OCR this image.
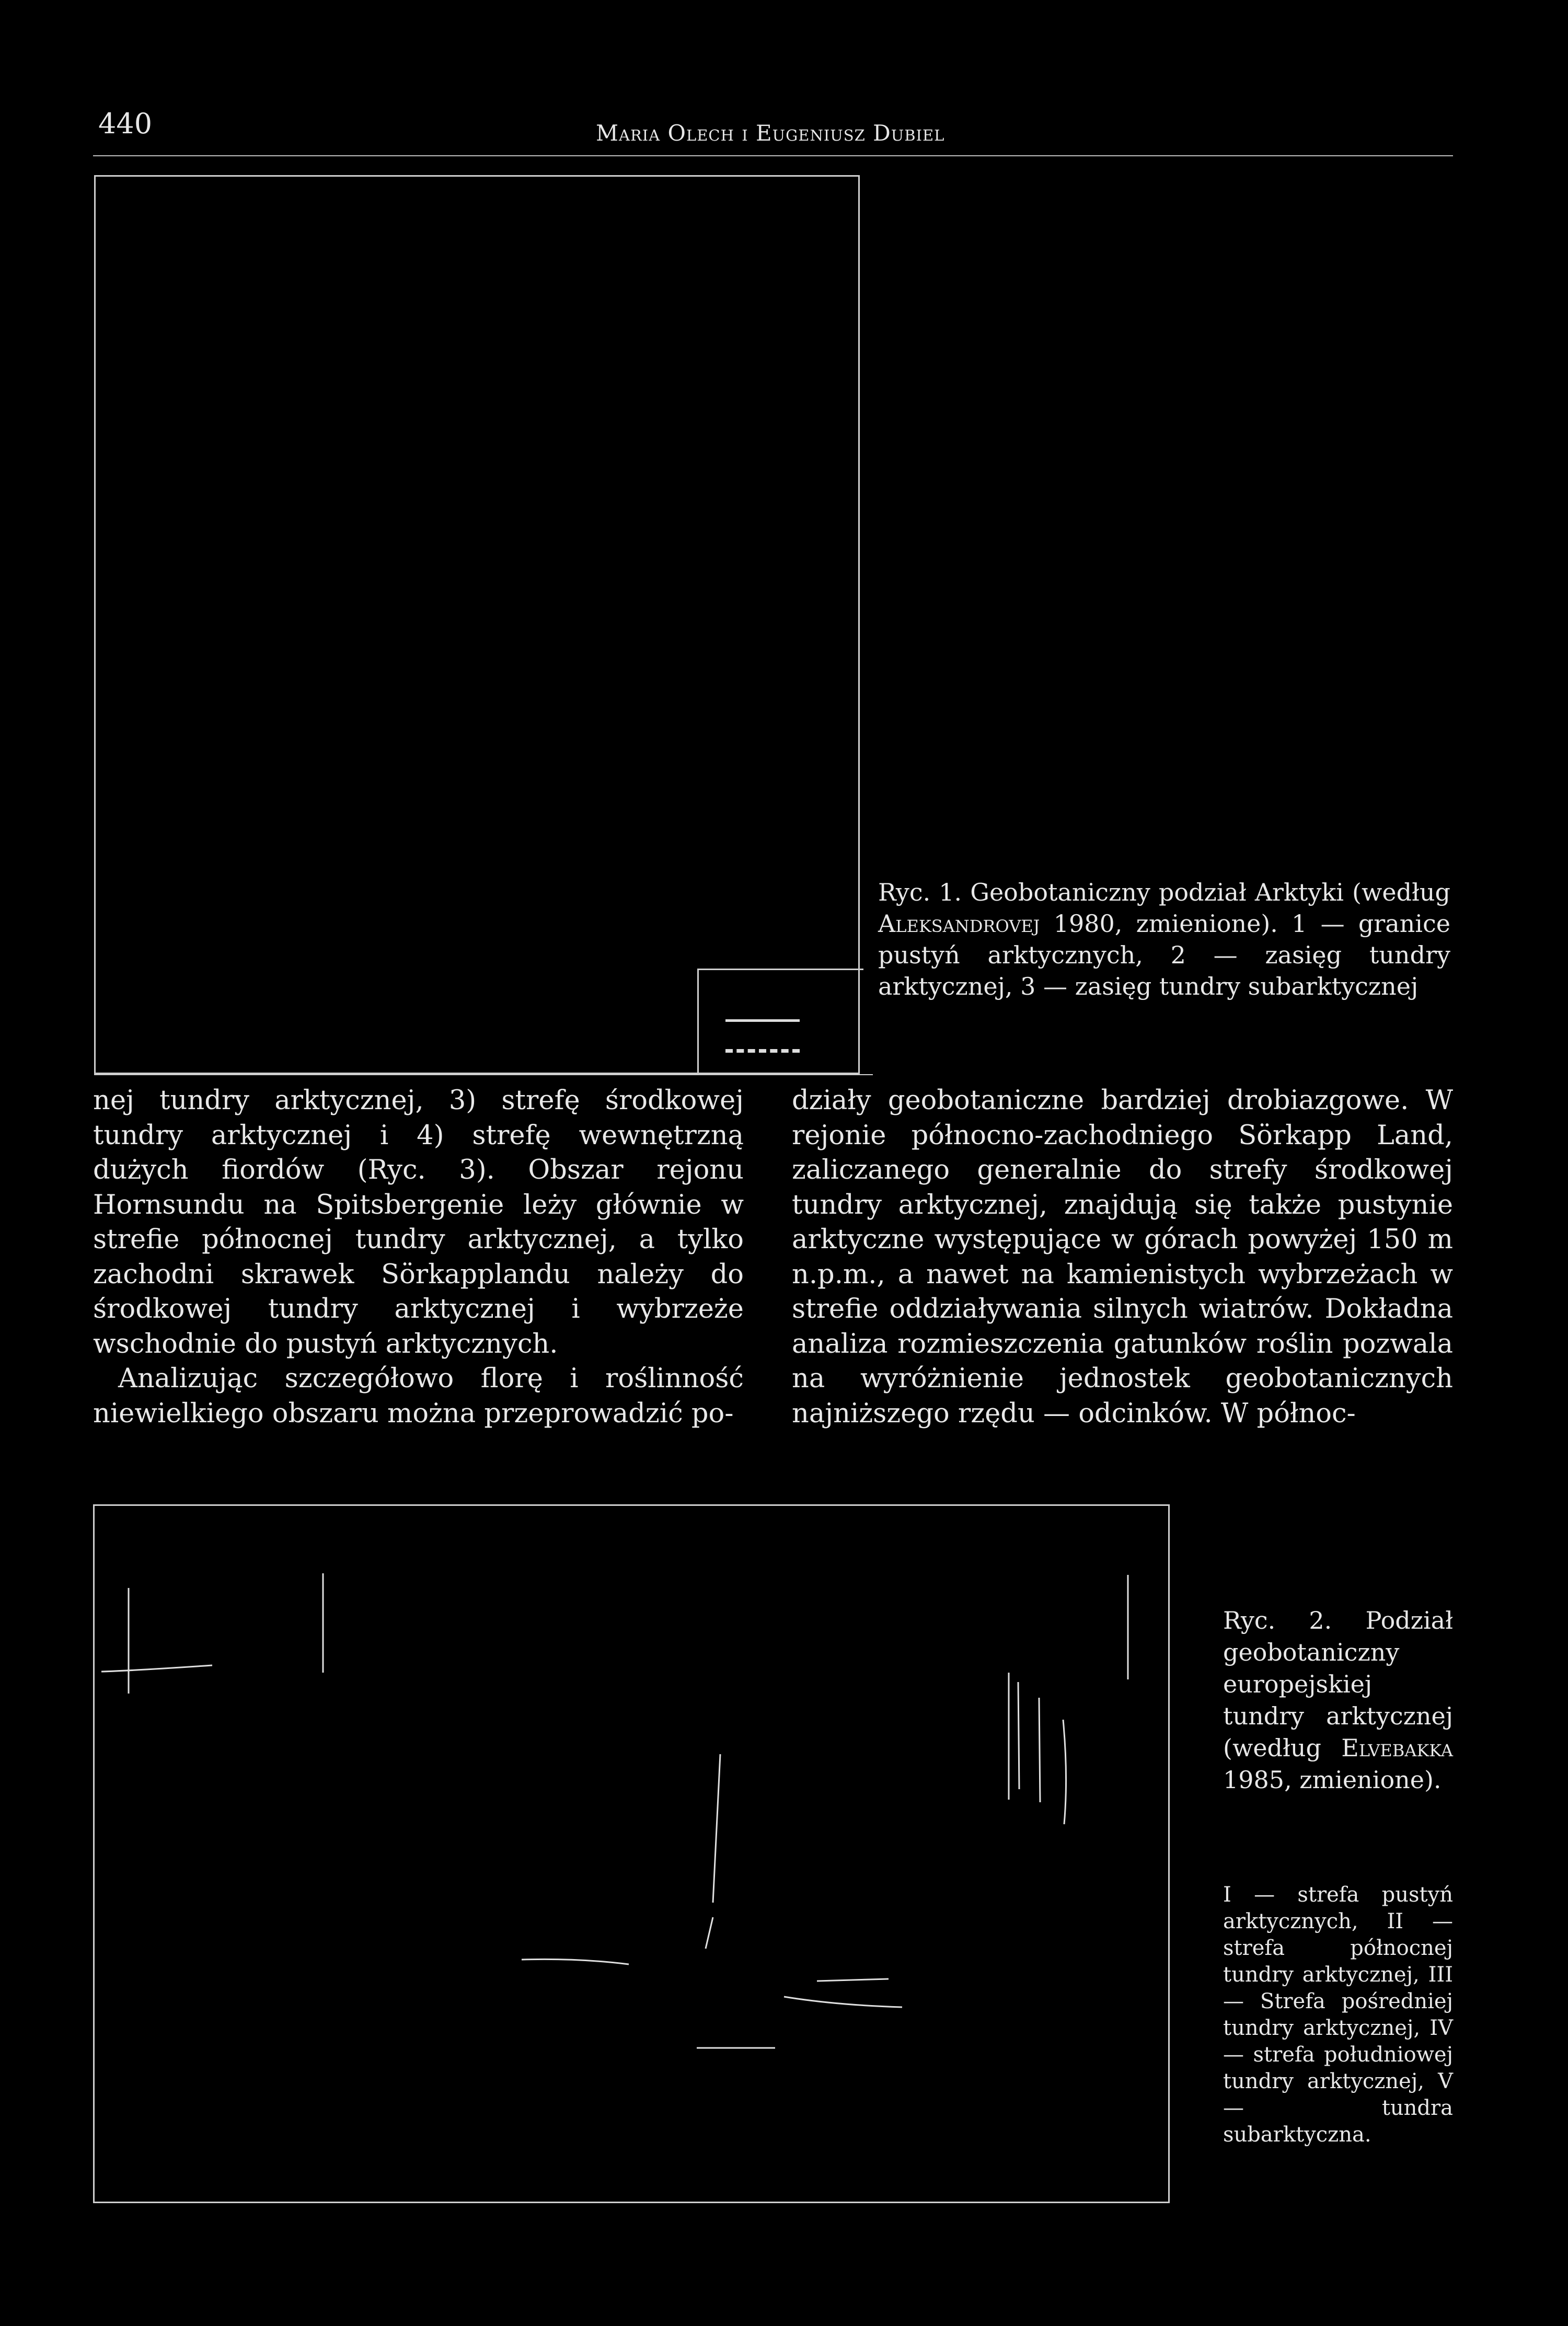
440	Maria Olech i Eugeniusz Dubiel
Ryc. 1. Geobotaniczny podział Arktyki (według Aleksandrovej 1980, zmienione). 1 — granice pustyń arktycznych, 2 — zasięg tundry arktycznej, 3 — zasięg tundry subarktycznej

nej tundry arktycznej, 3) strefę środkowej tundry arktycznej i 4) strefę wewnętrzną dużych fiordów (Ryc. 3). Obszar rejonu Hornsundu na Spitsbergenie leży głównie w strefie północnej tundry arktycznej, a tylko zachodni skrawek Sörkapplandu należy do środkowej tundry arktycznej i wybrzeże wschodnie do pustyń arktycznych.

Analizując szczegółowo florę i roślinność niewielkiego obszaru można przeprowadzić po-

działy geobotaniczne bardziej drobiazgowe. W rejonie północno-zachodniego Sörkapp Land, zaliczanego generalnie do strefy środkowej tundry arktycznej, znajdują się także pustynie arktyczne występujące w górach powyżej 150 m n.p.m., a nawet na kamienistych wybrzeżach w strefie oddziaływania silnych wiatrów. Dokładna analiza rozmieszczenia gatunków roślin pozwala na wyróżnienie jednostek geobotanicznych najniższego rzędu — odcinków. W północ-

Ryc. 2. Podział geobotaniczny europejskiej tundry arktycznej (według Elvebakka 1985, zmienione).
I — strefa pustyń arktycznych, II — strefa północnej tundry arktycznej, III — Strefa pośredniej tundry arktycznej, IV — strefa południowej tundry arktycznej, V — tundra subarktyczna.
